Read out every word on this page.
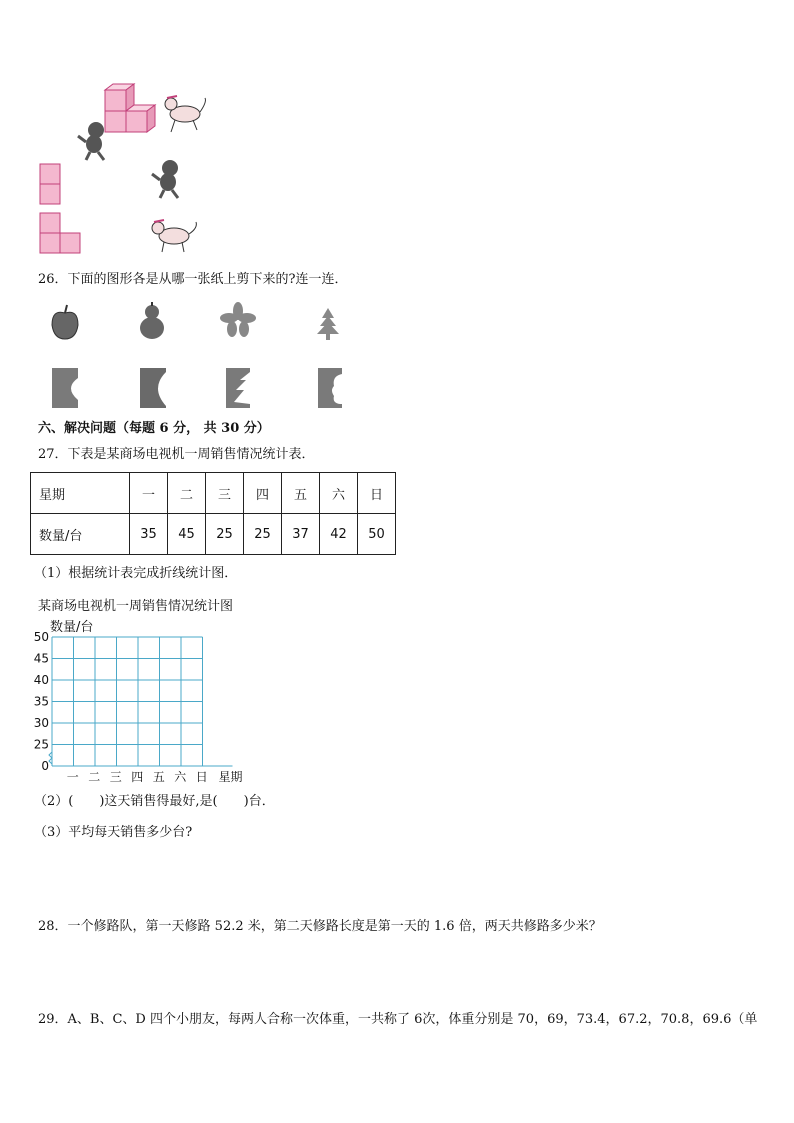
26．下面的图形各是从哪一张纸上剪下来的?连一连．
六、解决问题（每题 6 分， 共 30 分）
27．下表是某商场电视机一周销售情况统计表．
星期	一	二	三	四	五	六	日
数量/台	35	45	25	25	37	42	50
（1）根据统计表完成折线统计图．
某商场电视机一周销售情况统计图
数量/台
0
25
30
35
40
45
50
一 二 三 四 五 六 日 星期
（2）(　　)这天销售得最好,是(　　)台．
（3）平均每天销售多少台?
28．一个修路队，第一天修路 52.2 米，第二天修路长度是第一天的 1.6 倍，两天共修路多少米？
29．A、B、C、D 四个小朋友，每两人合称一次体重，一共称了 6次，体重分别是 70，69，73.4，67.2，70.8，69.6（单
